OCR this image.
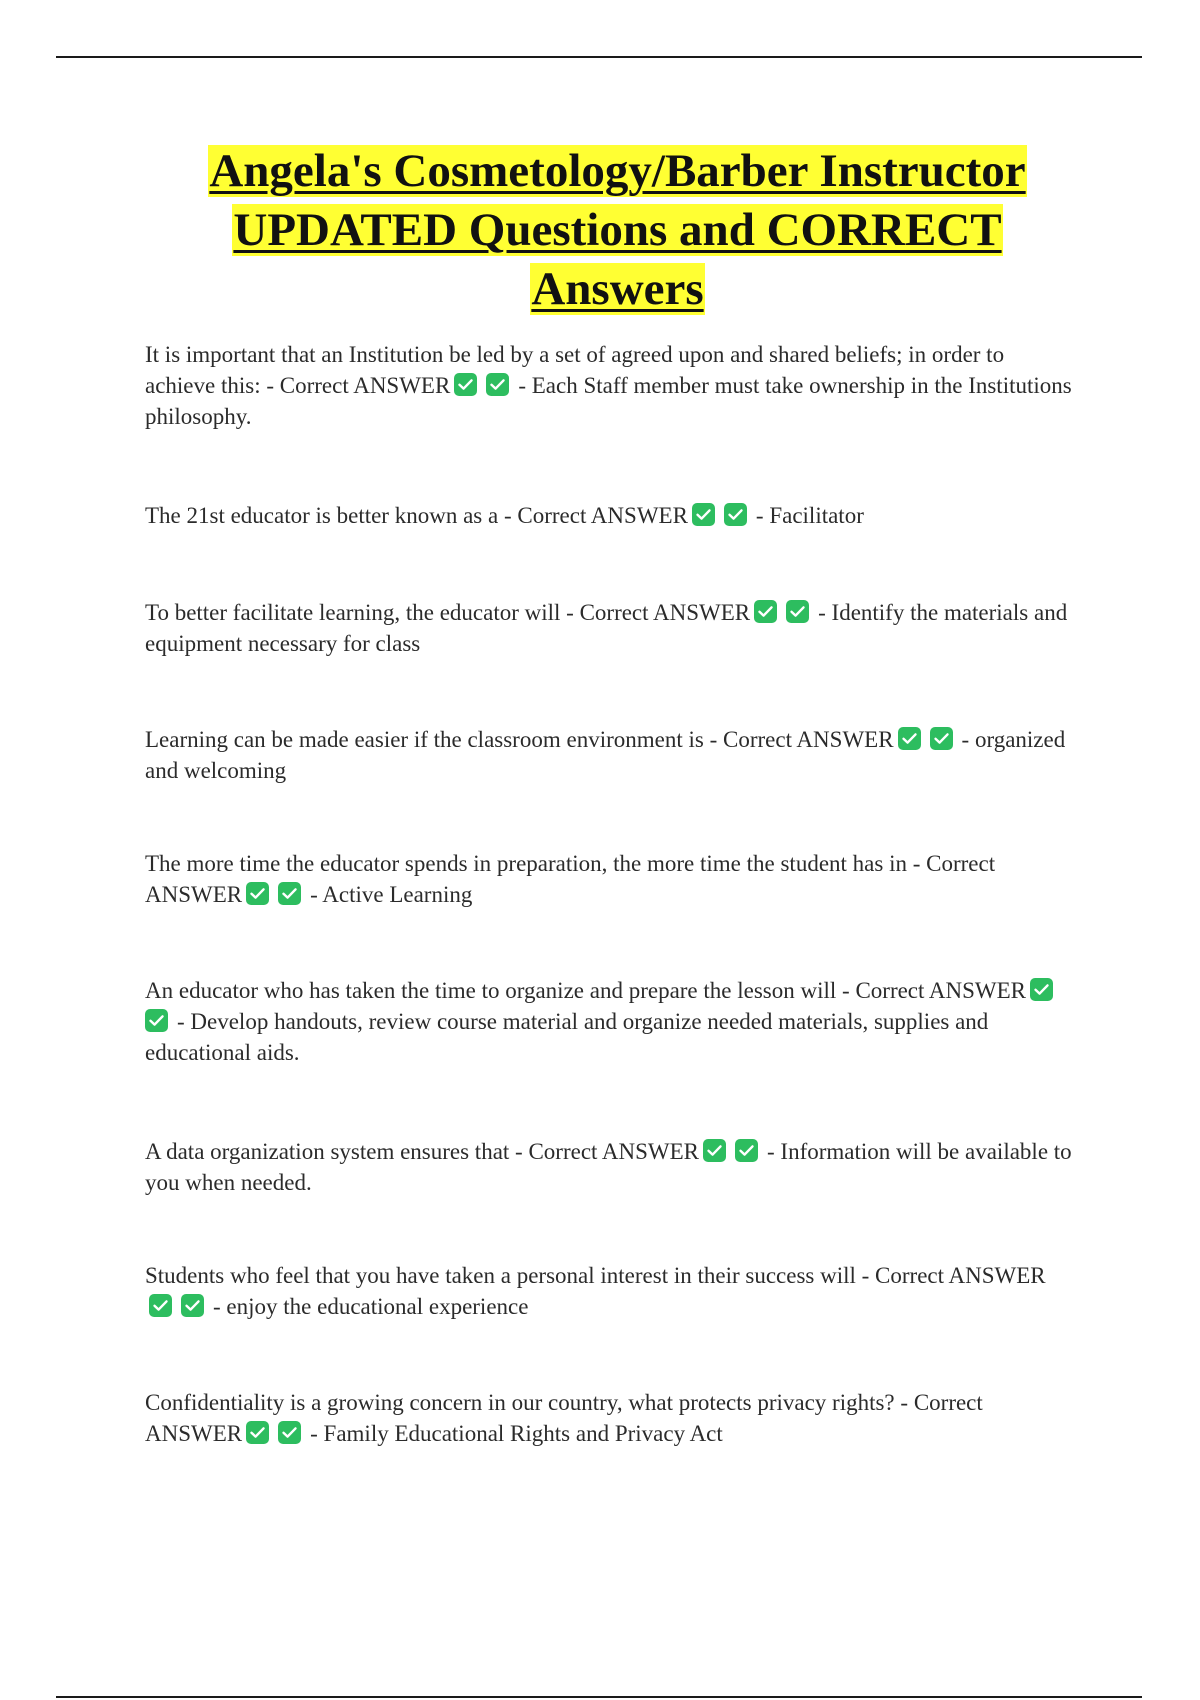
Angela's Cosmetology/Barber Instructor
UPDATED Questions and CORRECT
Answers

It is important that an Institution be led by a set of agreed upon and shared beliefs; in order to achieve this: - Correct ANSWER	- Each Staff member must take ownership in the Institutions philosophy.

The 21st educator is better known as a - Correct ANSWER	- Facilitator

To better facilitate learning, the educator will - Correct ANSWER	- Identify the materials and equipment necessary for class

Learning can be made easier if the classroom environment is - Correct ANSWER	- organized and welcoming

The more time the educator spends in preparation, the more time the student has in - Correct ANSWER	- Active Learning

An educator who has taken the time to organize and prepare the lesson will - Correct ANSWER
- Develop handouts, review course material and organize needed materials, supplies and educational aids.

A data organization system ensures that - Correct ANSWER	- Information will be available to you when needed.

Students who feel that you have taken a personal interest in their success will - Correct ANSWER
- enjoy the educational experience

Confidentiality is a growing concern in our country, what protects privacy rights? - Correct ANSWER	- Family Educational Rights and Privacy Act
